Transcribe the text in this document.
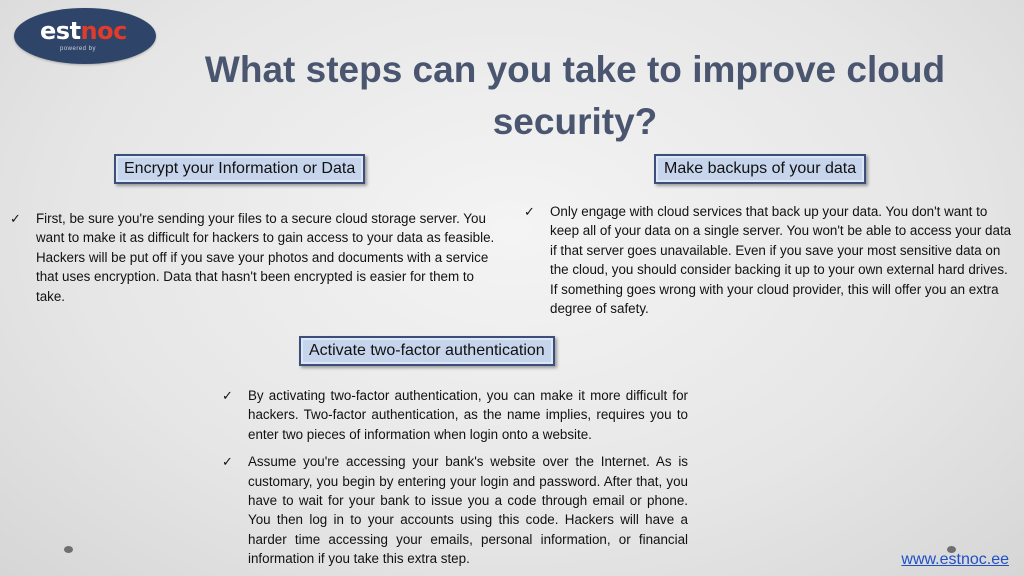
estnoc
powered by	What steps can you take to improve cloud security?
Encrypt your Information or Data
✓ First, be sure you're sending your files to a secure cloud storage server. You want to make it as difficult for hackers to gain access to your data as feasible. Hackers will be put off if you save your photos and documents with a service that uses encryption. Data that hasn't been encrypted is easier for them to take.
Make backups of your data
✓ Only engage with cloud services that back up your data. You don't want to keep all of your data on a single server. You won't be able to access your data if that server goes unavailable. Even if you save your most sensitive data on the cloud, you should consider backing it up to your own external hard drives. If something goes wrong with your cloud provider, this will offer you an extra degree of safety.
Activate two-factor authentication
✓ By activating two-factor authentication, you can make it more difficult for hackers. Two-factor authentication, as the name implies, requires you to enter two pieces of information when login onto a website.
✓ Assume you're accessing your bank's website over the Internet. As is customary, you begin by entering your login and password. After that, you have to wait for your bank to issue you a code through email or phone. You then log in to your accounts using this code. Hackers will have a harder time accessing your emails, personal information, or financial information if you take this extra step.	www.estnoc.ee
